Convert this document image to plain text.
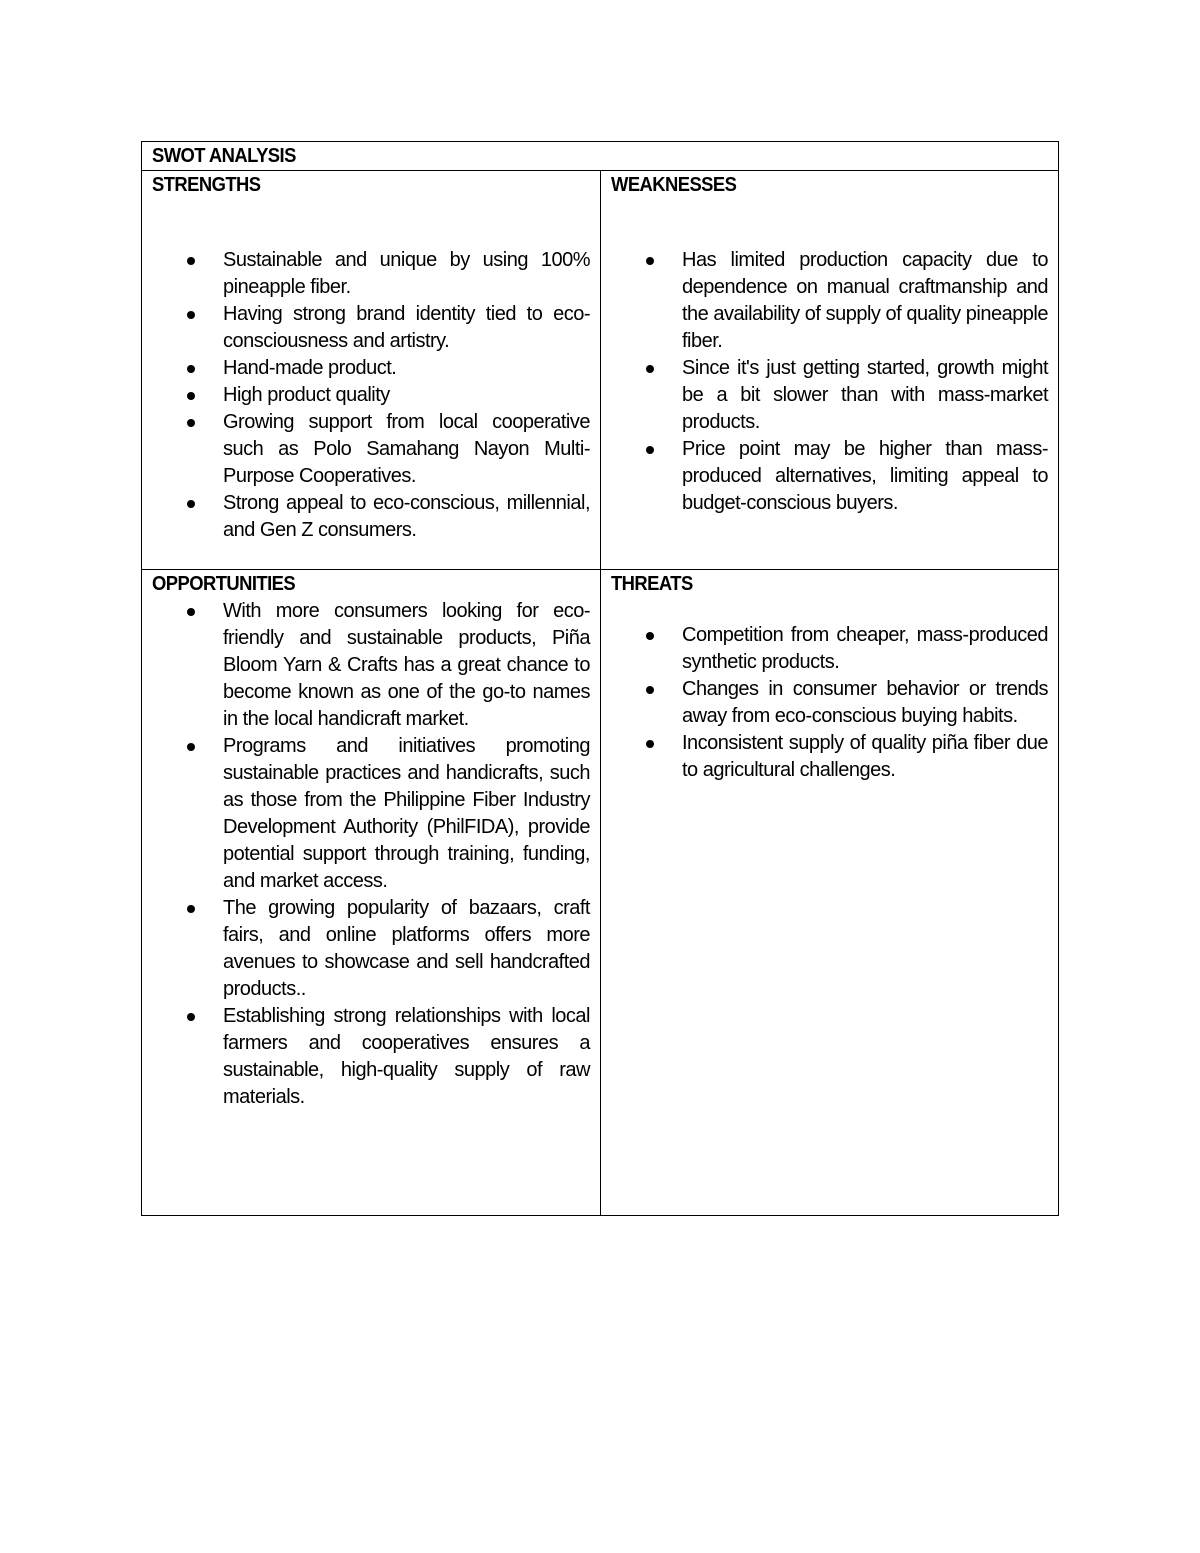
SWOT ANALYSIS
STRENGTHS
Sustainable and unique by using 100% pineapple fiber.
Having strong brand identity tied to eco-consciousness and artistry.
Hand-made product.
High product quality
Growing support from local cooperative such as Polo Samahang Nayon Multi-Purpose Cooperatives.
Strong appeal to eco-conscious, millennial, and Gen Z consumers.
WEAKNESSES
Has limited production capacity due to dependence on manual craftmanship and the availability of supply of quality pineapple fiber.
Since it's just getting started, growth might be a bit slower than with mass-market products.
Price point may be higher than mass-produced alternatives, limiting appeal to budget-conscious buyers.
OPPORTUNITIES
With more consumers looking for eco-friendly and sustainable products, Piña Bloom Yarn & Crafts has a great chance to become known as one of the go-to names in the local handicraft market.
Programs and initiatives promoting sustainable practices and handicrafts, such as those from the Philippine Fiber Industry Development Authority (PhilFIDA), provide potential support through training, funding, and market access.
The growing popularity of bazaars, craft fairs, and online platforms offers more avenues to showcase and sell handcrafted products..
Establishing strong relationships with local farmers and cooperatives ensures a sustainable, high-quality supply of raw materials.
THREATS
Competition from cheaper, mass-produced synthetic products.
Changes in consumer behavior or trends away from eco-conscious buying habits.
Inconsistent supply of quality piña fiber due to agricultural challenges.
